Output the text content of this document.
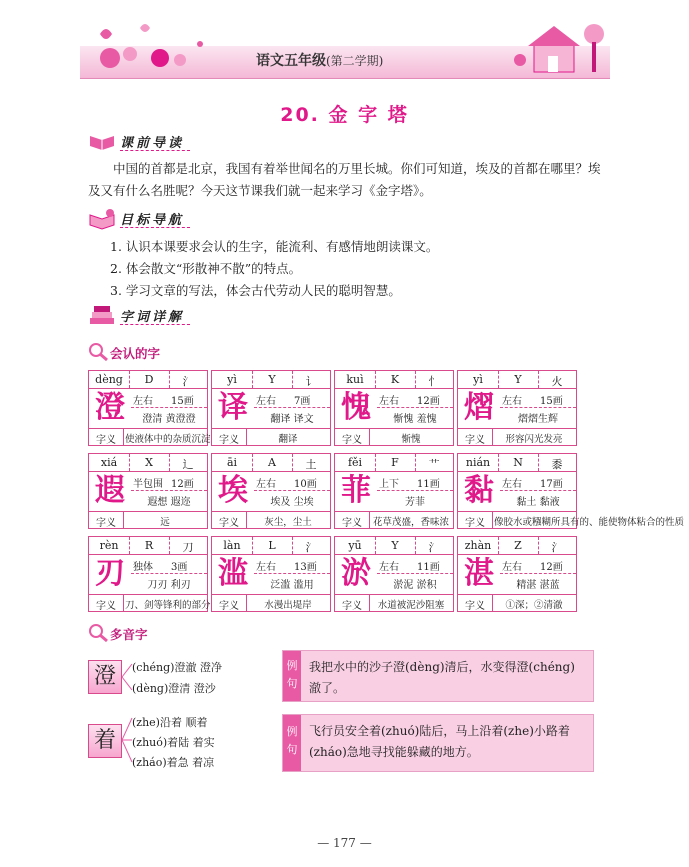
语文五年级(第二学期)
20. 金 字 塔
课前导读
中国的首都是北京，我国有着举世闻名的万里长城。你们可知道，埃及的首都在哪里？埃及又有什么名胜呢？今天这节课我们就一起来学习《金字塔》。
目标导航
1. 认识本课要求会认的生字，能流利、有感情地朗读课文。
2. 体会散文“形散神不散”的特点。
3. 学习文章的写法，体会古代劳动人民的聪明智慧。
字词详解
会认的字
dèng	D	氵
澄 左右 15画
澄清 黄澄澄
字义 使液体中的杂质沉淀
yì	Y	讠
译 左右 7画
翻译 译文
字义	翻译
kuì	K	忄
愧 左右 12画
惭愧 羞愧
字义	惭愧
yì	Y	火
熠 左右 15画
熠熠生辉
字义	形容闪光发亮
xiá	X	辶
遐 半包围 12画
遐想 遐迩
字义	远
āi	A	土
埃 左右 10画
埃及 尘埃
字义	灰尘，尘土
fěi	F	艹
菲 上下 11画
芳菲
字义	花草茂盛，香味浓
nián	N	黍
黏 左右 17画
黏土 黏液
字义 像胶水或糨糊所具有的、能使物体粘合的性质
rèn	R	刀
刃 独体 3画
刀刃 利刃
字义 刀、剑等锋利的部分
làn	L	氵
滥 左右 13画
泛滥 滥用
字义	水漫出堤岸
yū	Y	氵
淤 左右 11画
淤泥 淤积
字义	水道被泥沙阻塞
zhàn	Z	氵
湛 左右 12画
精湛 湛蓝
字义	①深；②清澈
多音字
澄	(chéng)澄澈 澄净
(dèng)澄清 澄沙
例
句
我把水中的沙子澄(dèng)清后，水变得澄(chéng)澈了。
着
(zhe)沿着 顺着
(zhuó)着陆 着实
(zháo)着急 着凉
例
句
飞行员安全着(zhuó)陆后，马上沿着(zhe)小路着(zháo)急地寻找能躲藏的地方。
— 177 —
